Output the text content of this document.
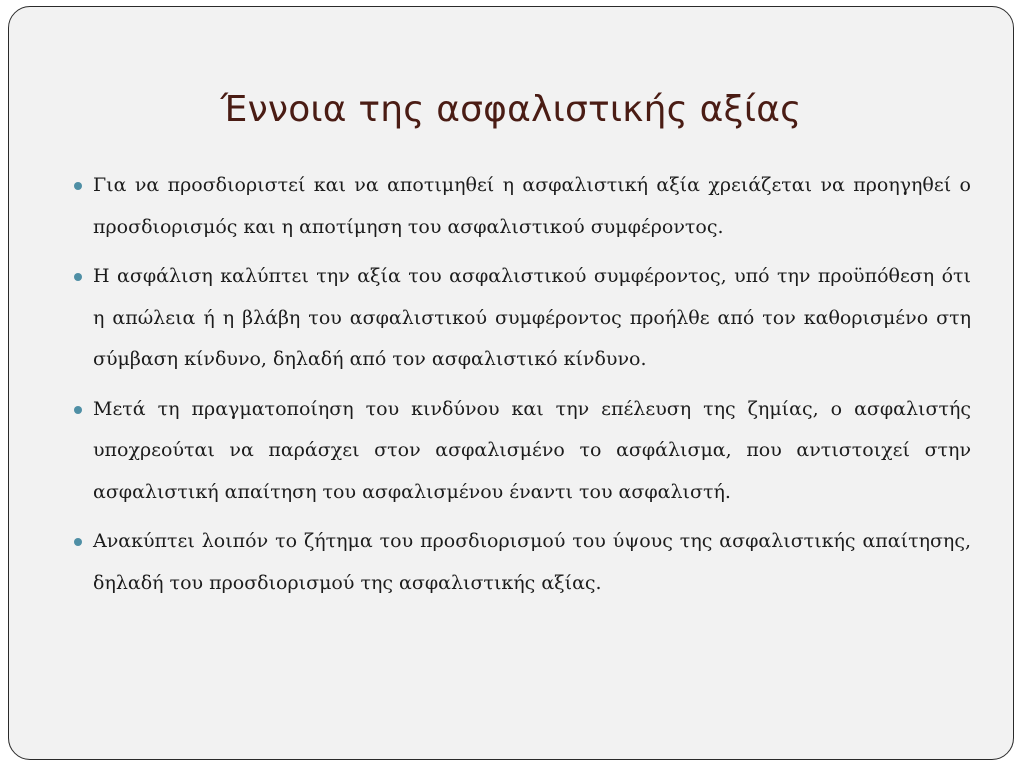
Έννοια της ασφαλιστικής αξίας
Για να προσδιοριστεί και να αποτιμηθεί η ασφαλιστική αξία χρειάζεται να προηγηθεί ο προσδιορισμός και η αποτίμηση του ασφαλιστικού συμφέροντος.
Η ασφάλιση καλύπτει την αξία του ασφαλιστικού συμφέροντος, υπό την προϋπόθεση ότι η απώλεια ή η βλάβη του ασφαλιστικού συμφέροντος προήλθε από τον καθορισμένο στη σύμβαση κίνδυνο, δηλαδή από τον ασφαλιστικό κίνδυνο.
Μετά τη πραγματοποίηση του κινδύνου και την επέλευση της ζημίας, ο ασφαλιστής υποχρεούται να παράσχει στον ασφαλισμένο το ασφάλισμα, που αντιστοιχεί στην ασφαλιστική απαίτηση του ασφαλισμένου έναντι του ασφαλιστή.
Ανακύπτει λοιπόν το ζήτημα του προσδιορισμού του ύψους της ασφαλιστικής απαίτησης, δηλαδή του προσδιορισμού της ασφαλιστικής αξίας.
